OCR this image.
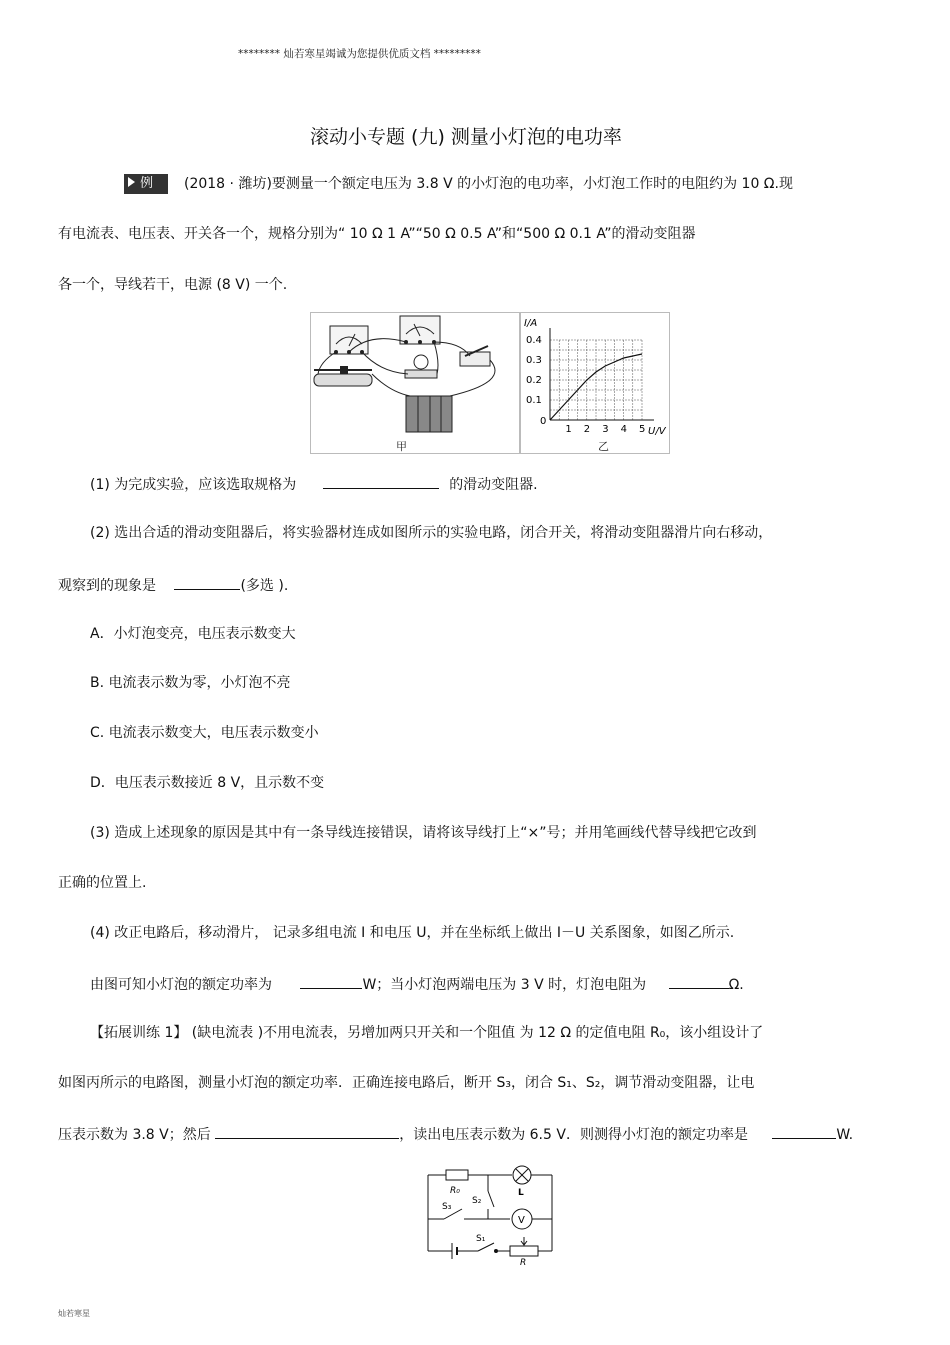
******** 灿若寒星竭诚为您提供优质文档 *********
滚动小专题 (九) 测量小灯泡的电功率
例 (2018 · 潍坊)要测量一个额定电压为 3.8 V 的小灯泡的电功率，小灯泡工作时的电阻约为 10 Ω.现
有电流表、电压表、开关各一个，规格分别为“ 10 Ω 1 A”“50 Ω 0.5 A”和“500 Ω 0.1 A”的滑动变阻器
各一个，导线若干，电源 (8 V) 一个.
甲
1 2 3 4 5
0.1
0.2
0.3
0.4
I/A
U/V
0
乙
(1) 为完成实验，应该选取规格为	的滑动变阻器.
(2) 选出合适的滑动变阻器后，将实验器材连成如图所示的实验电路，闭合开关，将滑动变阻器滑片向右移动，
观察到的现象是	(多选 ).
A．小灯泡变亮，电压表示数变大
B. 电流表示数为零，小灯泡不亮
C. 电流表示数变大，电压表示数变小
D．电压表示数接近 8 V，且示数不变
(3) 造成上述现象的原因是其中有一条导线连接错误，请将该导线打上“×”号；并用笔画线代替导线把它改到
正确的位置上.
(4) 改正电路后，移动滑片， 记录多组电流 I 和电压 U，并在坐标纸上做出 I－U 关系图象，如图乙所示.
由图可知小灯泡的额定功率为	W；当小灯泡两端电压为 3 V 时，灯泡电阻为	Ω.
【拓展训练 1】 (缺电流表 )不用电流表，另增加两只开关和一个阻值 为 12 Ω 的定值电阻 R₀，该小组设计了
如图丙所示的电路图，测量小灯泡的额定功率．正确连接电路后，断开 S₃，闭合 S₁、S₂，调节滑动变阻器，让电
压表示数为 3.8 V；然后	，读出电压表示数为 6.5 V．则测得小灯泡的额定功率是	W.
R₀	L
V
S₂
S₃
S₁
R
灿若寒星
